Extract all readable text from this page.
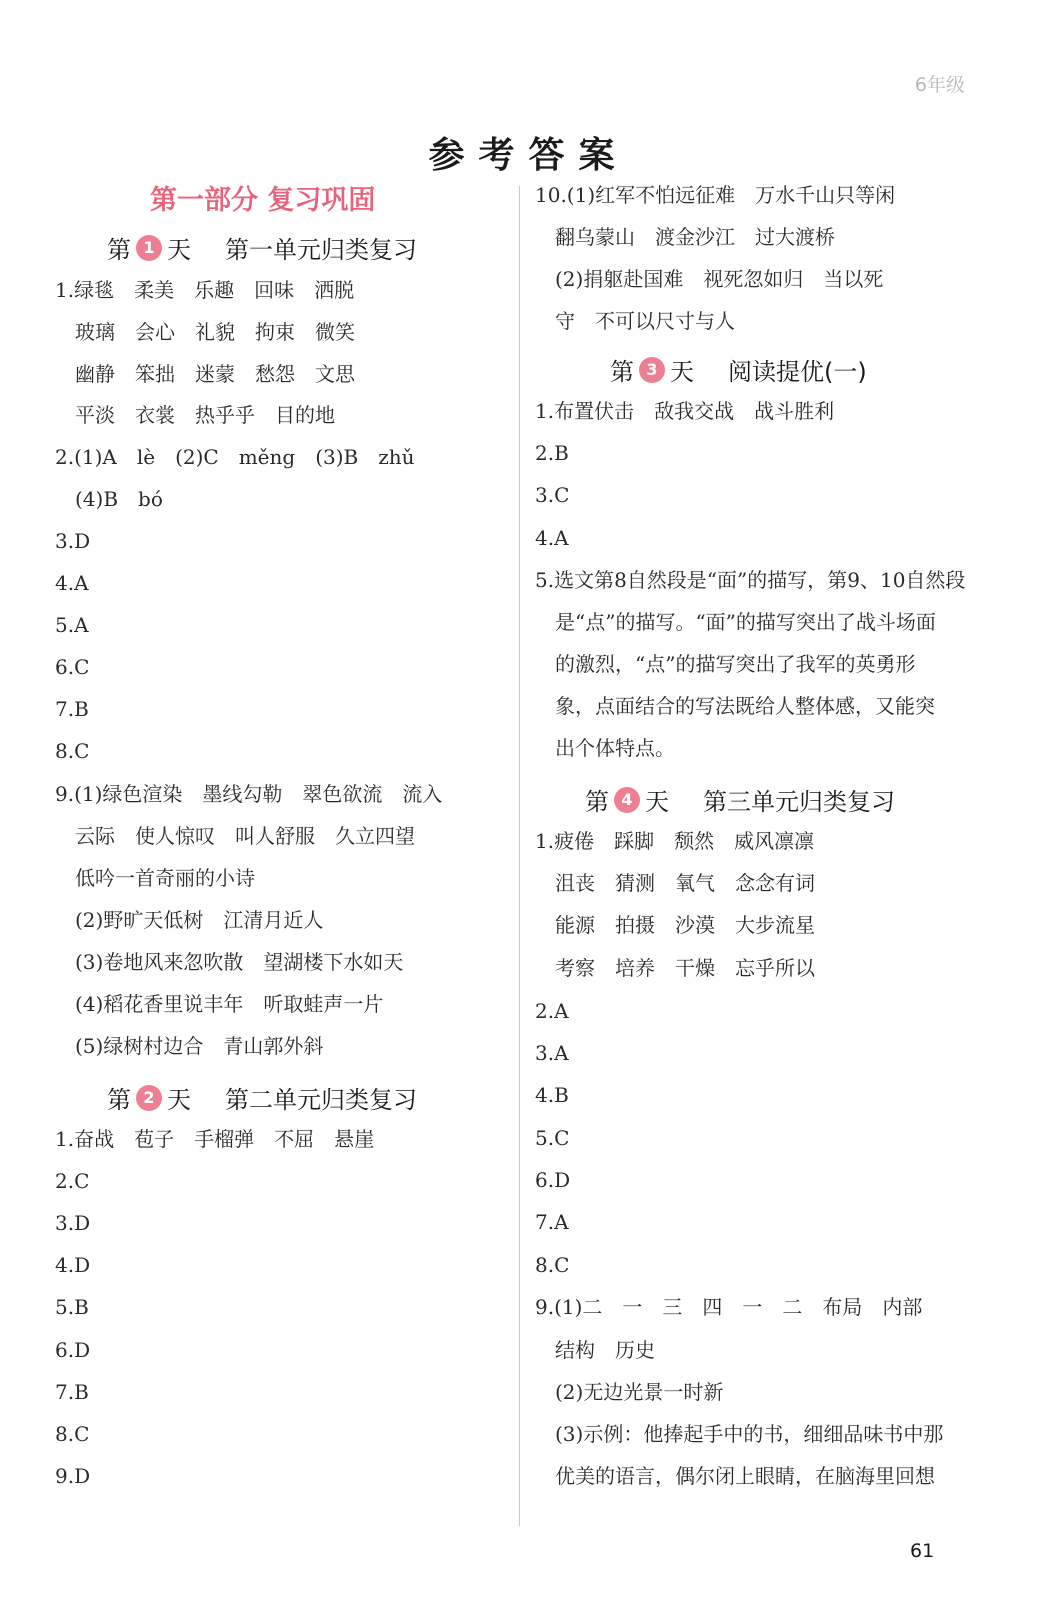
6年级
参考答案
第一部分 复习巩固
第 1 天 第一单元归类复习
1.绿毯　柔美　乐趣　回味　洒脱
　玻璃　会心　礼貌　拘束　微笑
　幽静　笨拙　迷蒙　愁怨　文思
　平淡　衣裳　热乎乎　目的地
2.(1)A　lè　(2)C　měng　(3)B　zhǔ
　(4)B　bó
3.D
4.A
5.A
6.C
7.B
8.C
9.(1)绿色渲染　墨线勾勒　翠色欲流　流入
　云际　使人惊叹　叫人舒服　久立四望
　低吟一首奇丽的小诗
　(2)野旷天低树　江清月近人
　(3)卷地风来忽吹散　望湖楼下水如天
　(4)稻花香里说丰年　听取蛙声一片
　(5)绿树村边合　青山郭外斜
第 2 天 第二单元归类复习
1.奋战　苞子　手榴弹　不屈　悬崖
2.C
3.D
4.D
5.B
6.D
7.B
8.C
9.D
10.(1)红军不怕远征难　万水千山只等闲
　翻乌蒙山　渡金沙江　过大渡桥
　(2)捐躯赴国难　视死忽如归　当以死
　守　不可以尺寸与人
第 3 天 阅读提优(一)
1.布置伏击　敌我交战　战斗胜利
2.B
3.C
4.A
5.选文第8自然段是“面”的描写，第9、10自然段
　是“点”的描写。“面”的描写突出了战斗场面
　的激烈，“点”的描写突出了我军的英勇形
　象，点面结合的写法既给人整体感，又能突
　出个体特点。
第 4 天 第三单元归类复习
1.疲倦　踩脚　颓然　威风凛凛
　沮丧　猜测　氧气　念念有词
　能源　拍摄　沙漠　大步流星
　考察　培养　干燥　忘乎所以
2.A
3.A
4.B
5.C
6.D
7.A
8.C
9.(1)二　一　三　四　一　二　布局　内部
　结构　历史
　(2)无边光景一时新
　(3)示例：他捧起手中的书，细细品味书中那
　优美的语言，偶尔闭上眼睛，在脑海里回想
61
